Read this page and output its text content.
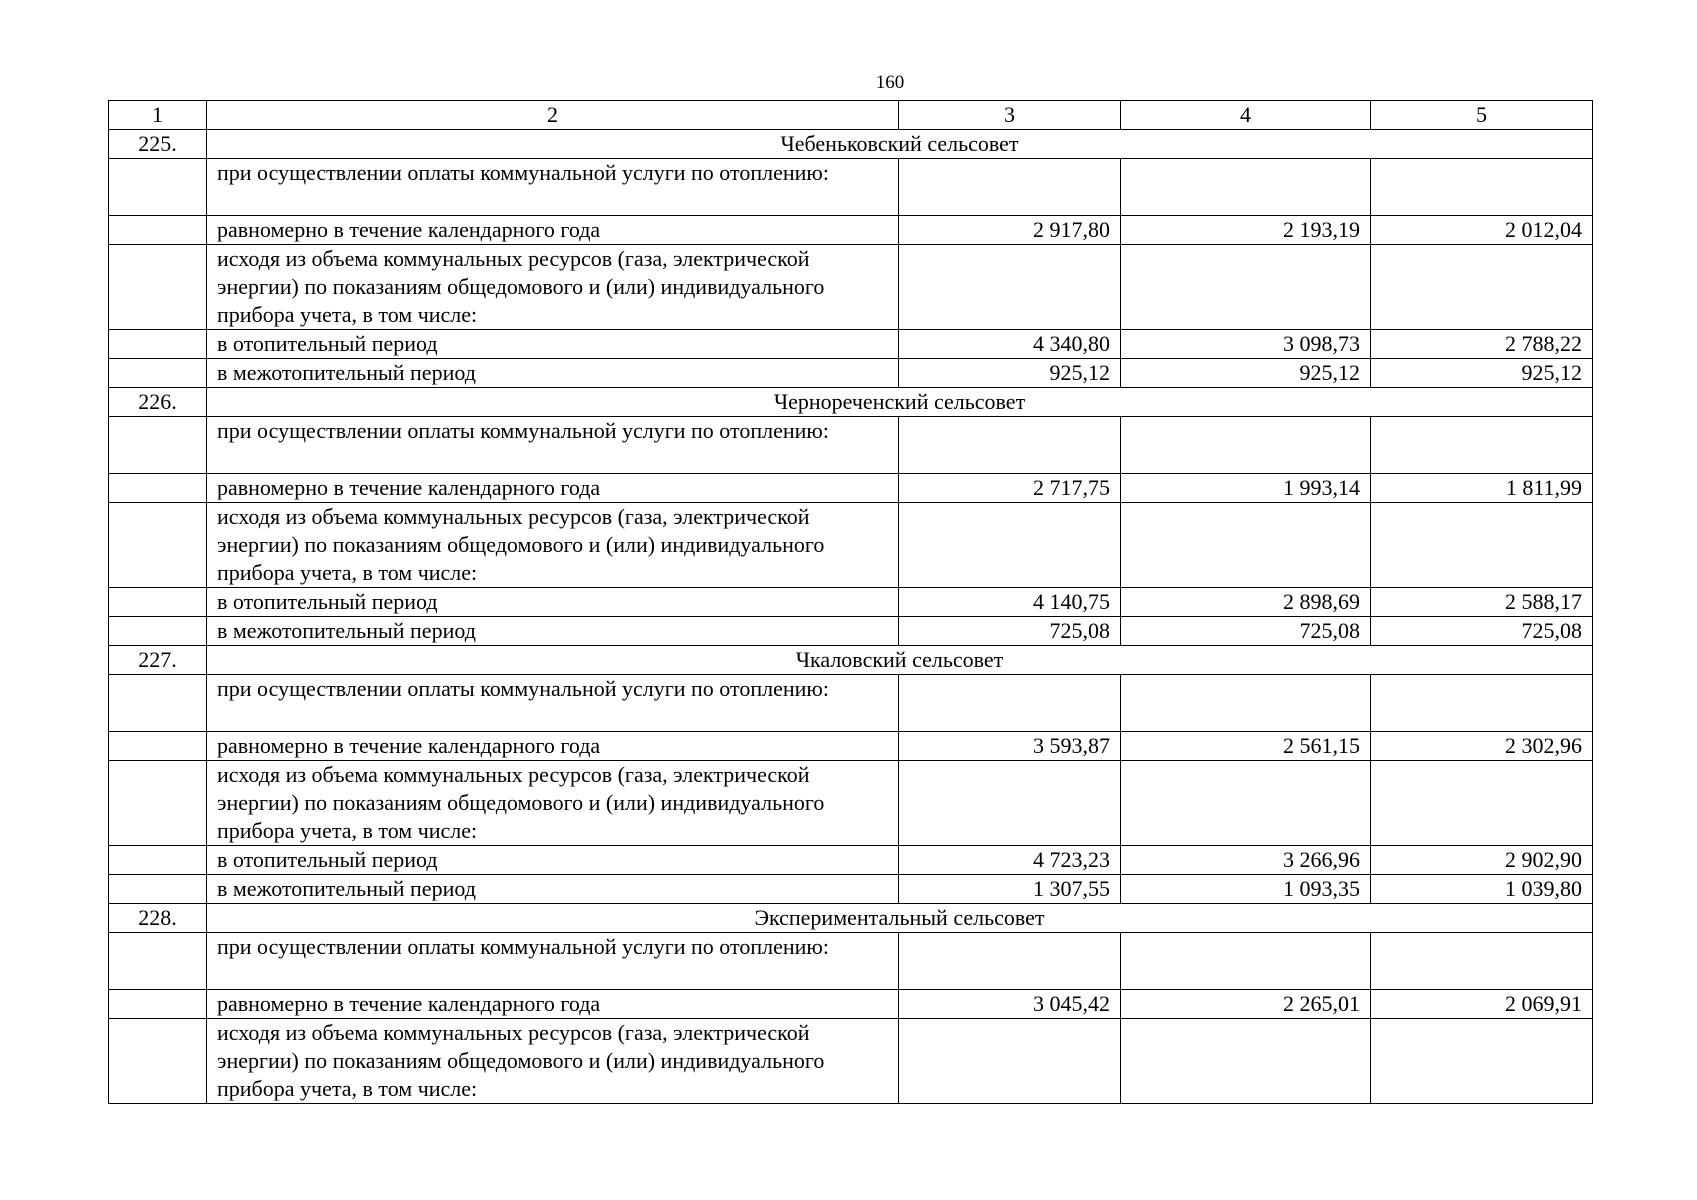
160
1	2	3	4	5
225.	Чебеньковский сельсовет			
	при осуществлении оплаты коммунальной услуги по отоплению:			
	равномерно в течение календарного года	2 917,80	2 193,19	2 012,04
	исходя из объема коммунальных ресурсов (газа, электрической энергии) по показаниям общедомового и (или) индивидуального прибора учета, в том числе:			
	в отопительный период	4 340,80	3 098,73	2 788,22
	в межотопительный период	925,12	925,12	925,12
226.	Чернореченский сельсовет			
	при осуществлении оплаты коммунальной услуги по отоплению:			
	равномерно в течение календарного года	2 717,75	1 993,14	1 811,99
	исходя из объема коммунальных ресурсов (газа, электрической энергии) по показаниям общедомового и (или) индивидуального прибора учета, в том числе:			
	в отопительный период	4 140,75	2 898,69	2 588,17
	в межотопительный период	725,08	725,08	725,08
227.	Чкаловский сельсовет			
	при осуществлении оплаты коммунальной услуги по отоплению:			
	равномерно в течение календарного года	3 593,87	2 561,15	2 302,96
	исходя из объема коммунальных ресурсов (газа, электрической энергии) по показаниям общедомового и (или) индивидуального прибора учета, в том числе:			
	в отопительный период	4 723,23	3 266,96	2 902,90
	в межотопительный период	1 307,55	1 093,35	1 039,80
228.	Экспериментальный сельсовет			
	при осуществлении оплаты коммунальной услуги по отоплению:			
	равномерно в течение календарного года	3 045,42	2 265,01	2 069,91
	исходя из объема коммунальных ресурсов (газа, электрической энергии) по показаниям общедомового и (или) индивидуального прибора учета, в том числе:			
